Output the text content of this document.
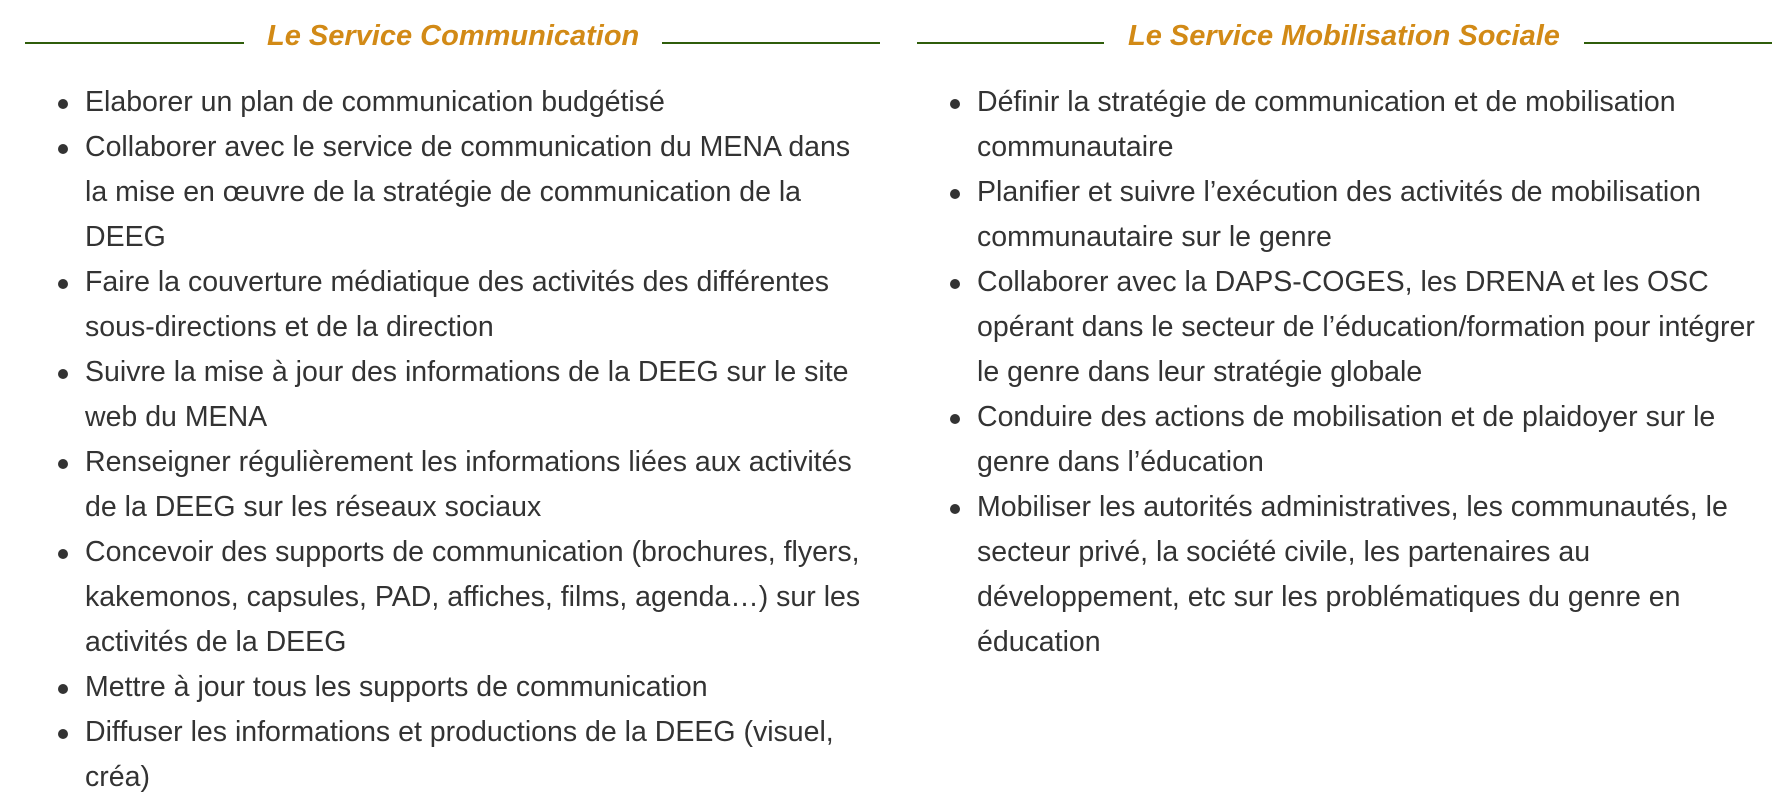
Le Service Communication
Elaborer un plan de communication budgétisé
Collaborer avec le service de communication du MENA dans la mise en œuvre de la stratégie de communication de la DEEG
Faire la couverture médiatique des activités des différentes sous-directions et de la direction
Suivre la mise à jour des informations de la DEEG sur le site web du MENA
Renseigner régulièrement les informations liées aux activités de la DEEG sur les réseaux sociaux
Concevoir des supports de communication (brochures, flyers, kakemonos, capsules, PAD, affiches, films, agenda…) sur les activités de la DEEG
Mettre à jour tous les supports de communication
Diffuser les informations et productions de la DEEG (visuel, créa)
Le Service Mobilisation Sociale
Définir la stratégie de communication et de mobilisation communautaire
Planifier et suivre l’exécution des activités de mobilisation communautaire sur le genre
Collaborer avec la DAPS-COGES, les DRENA et les OSC opérant dans le secteur de l’éducation/formation pour intégrer le genre dans leur stratégie globale
Conduire des actions de mobilisation et de plaidoyer sur le genre dans l’éducation
Mobiliser les autorités administratives, les communautés, le secteur privé, la société civile, les partenaires au développement, etc sur les problématiques du genre en éducation
